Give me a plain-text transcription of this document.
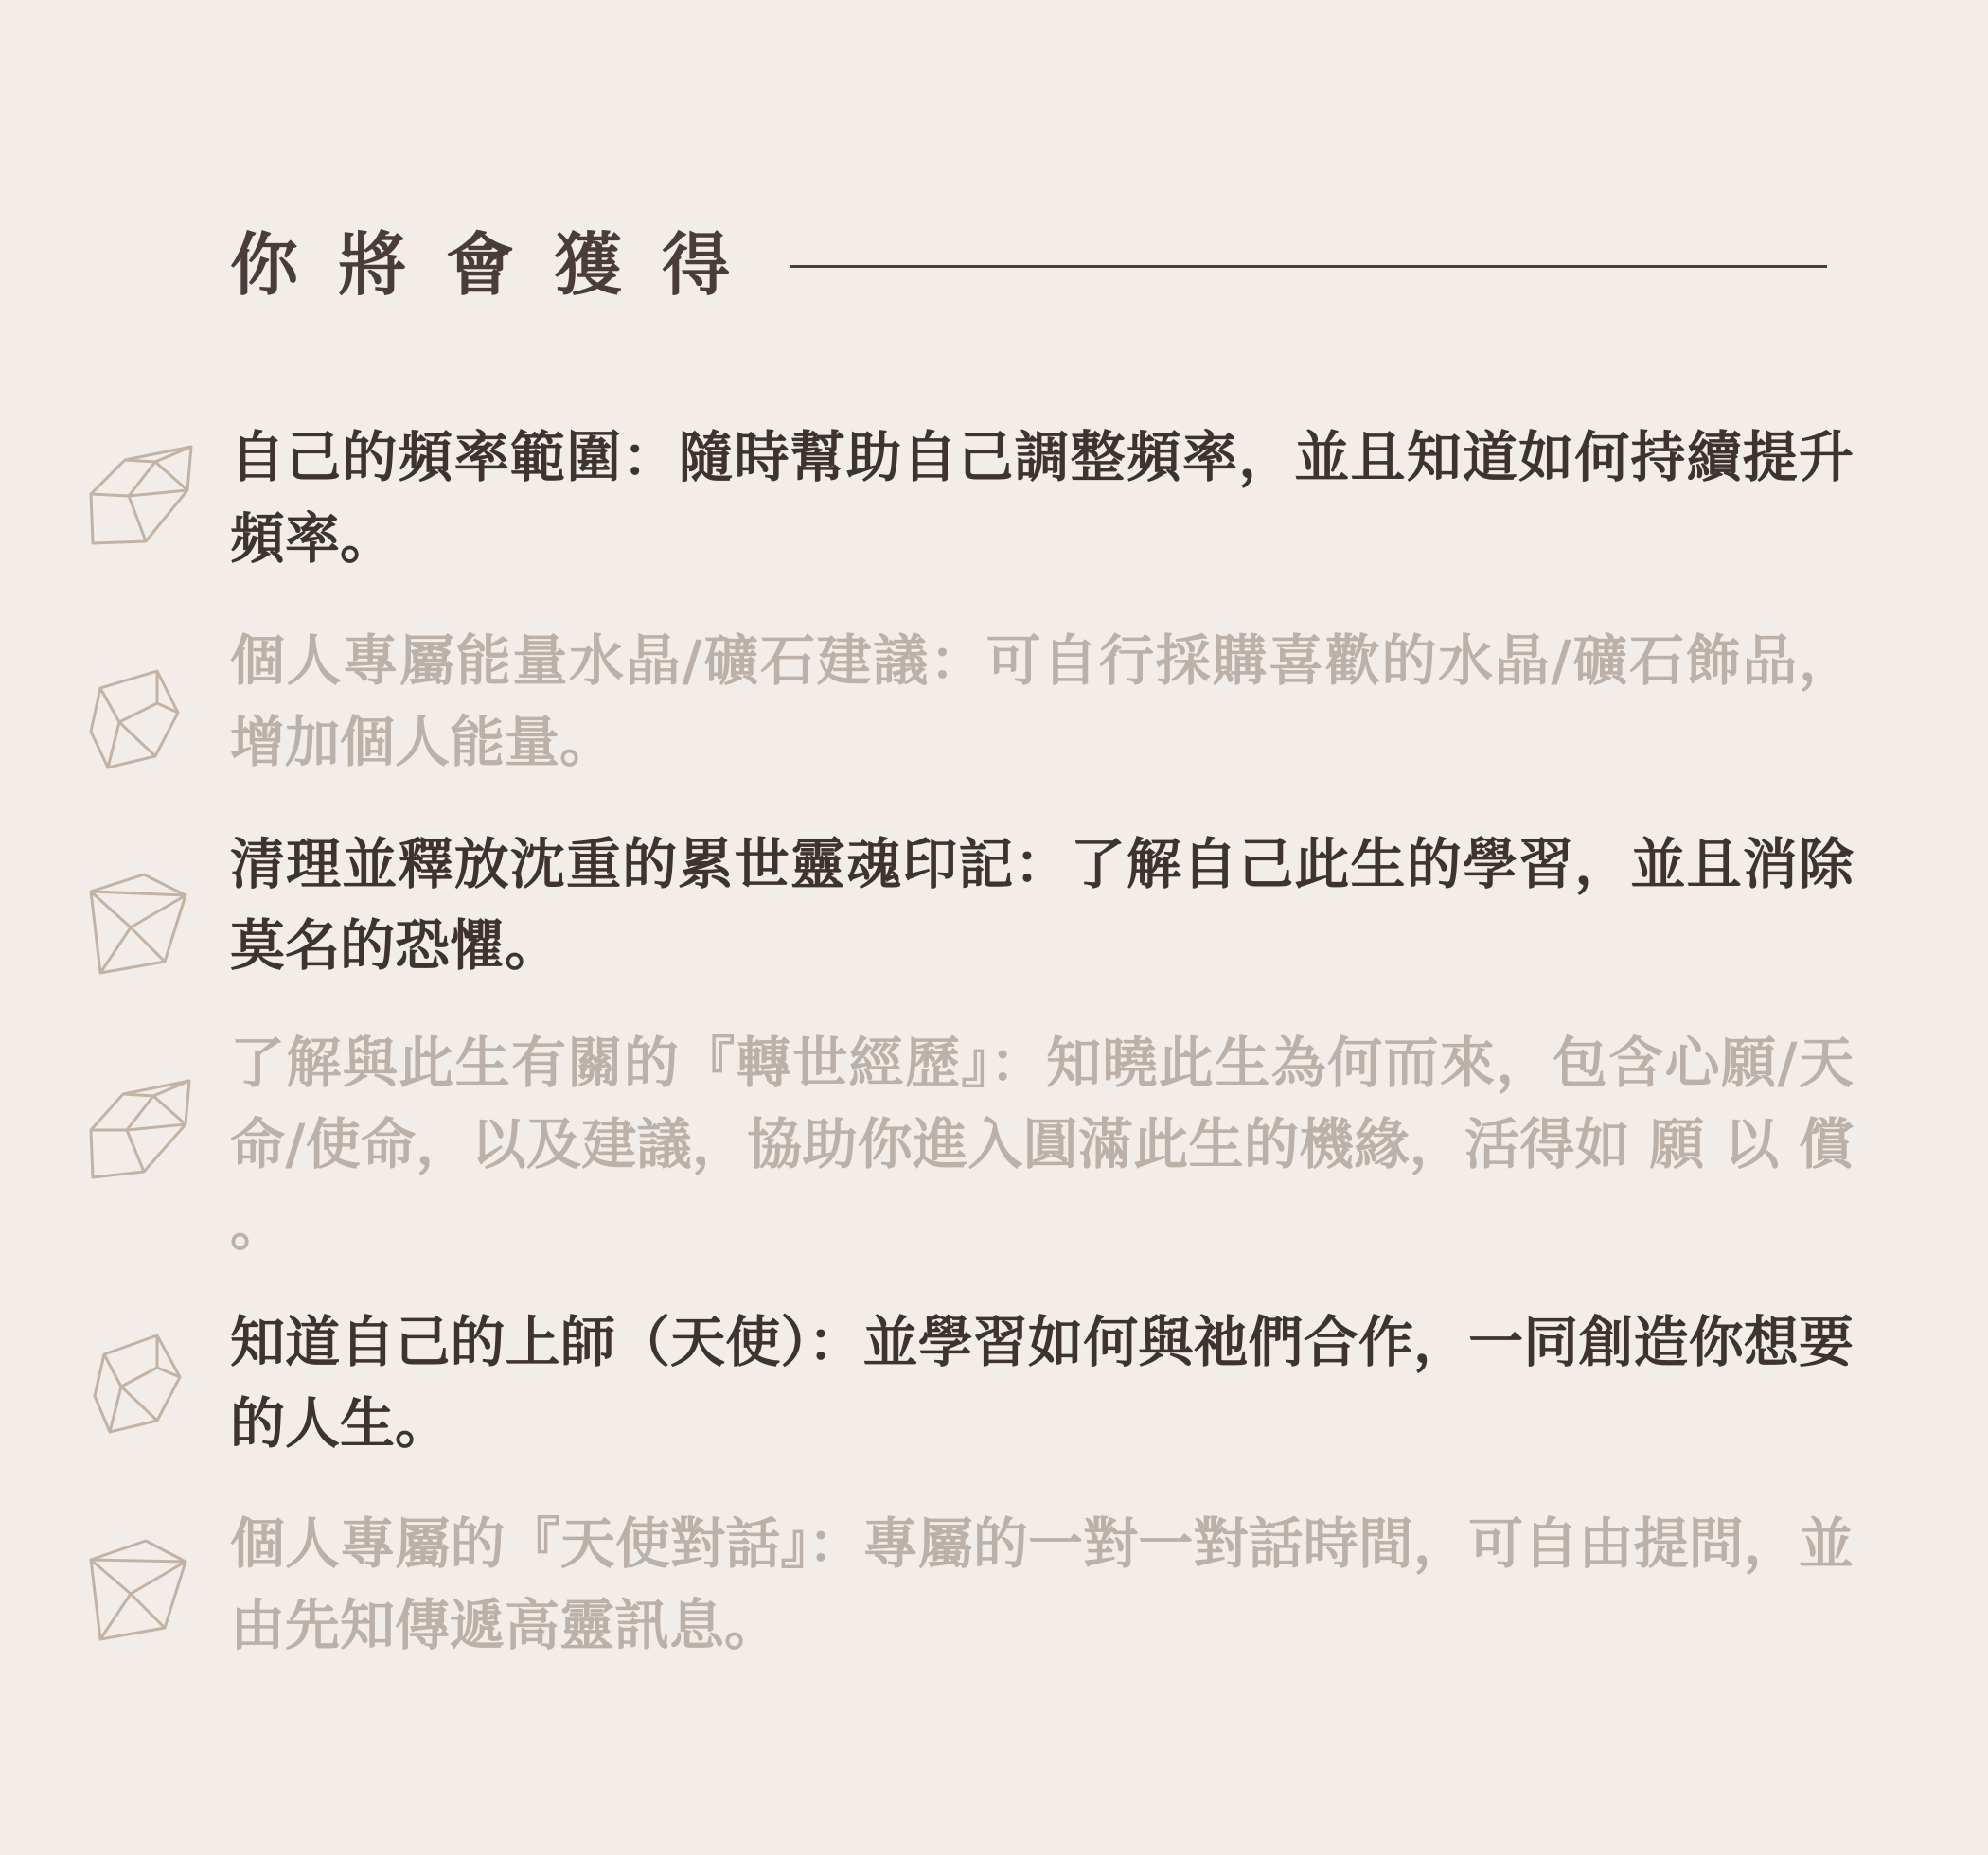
你將會獲得

自己的頻率範圍：隨時幫助自己調整頻率，並且知道如何持續提升頻率。

個人專屬能量水晶/礦石建議：可自行採購喜歡的水晶/礦石飾品，增加個人能量。

清理並釋放沈重的累世靈魂印記：了解自己此生的學習，並且消除莫名的恐懼。

了解與此生有關的『轉世經歷』：知曉此生為何而來，包含心願/天命/使命，以及建議，協助你進入圓滿此生的機緣，活得如 願 以 償 。

知道自己的上師（天使）：並學習如何與祂們合作，一同創造你想要的人生。

個人專屬的『天使對話』：專屬的一對一對話時間，可自由提問，並由先知傳遞高靈訊息。
